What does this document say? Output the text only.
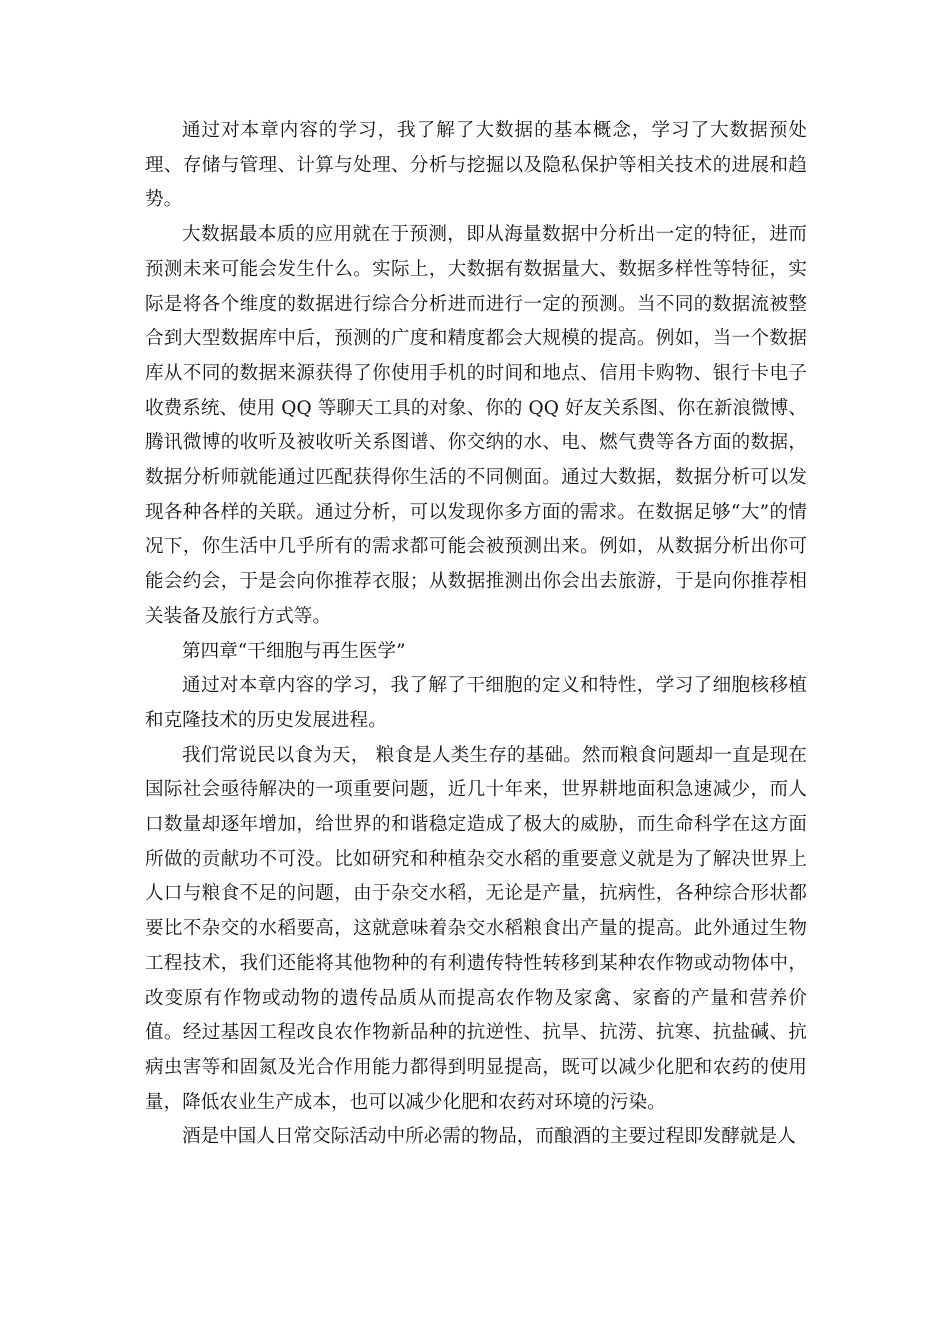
通过对本章内容的学习，我了解了大数据的基本概念，学习了大数据预处理、存储与管理、计算与处理、分析与挖掘以及隐私保护等相关技术的进展和趋势。

大数据最本质的应用就在于预测，即从海量数据中分析出一定的特征，进而预测未来可能会发生什么。实际上，大数据有数据量大、数据多样性等特征，实际是将各个维度的数据进行综合分析进而进行一定的预测。当不同的数据流被整合到大型数据库中后，预测的广度和精度都会大规模的提高。例如，当一个数据库从不同的数据来源获得了你使用手机的时间和地点、信用卡购物、银行卡电子收费系统、使用 QQ 等聊天工具的对象、你的 QQ 好友关系图、你在新浪微博、腾讯微博的收听及被收听关系图谱、你交纳的水、电、燃气费等各方面的数据，数据分析师就能通过匹配获得你生活的不同侧面。通过大数据，数据分析可以发现各种各样的关联。通过分析，可以发现你多方面的需求。在数据足够“大”的情况下，你生活中几乎所有的需求都可能会被预测出来。例如，从数据分析出你可能会约会，于是会向你推荐衣服；从数据推测出你会出去旅游，于是向你推荐相关装备及旅行方式等。

第四章“干细胞与再生医学”

通过对本章内容的学习，我了解了干细胞的定义和特性，学习了细胞核移植和克隆技术的历史发展进程。

我们常说民以食为天， 粮食是人类生存的基础。然而粮食问题却一直是现在国际社会亟待解决的一项重要问题，近几十年来，世界耕地面积急速减少，而人口数量却逐年增加，给世界的和谐稳定造成了极大的威胁，而生命科学在这方面所做的贡献功不可没。比如研究和种植杂交水稻的重要意义就是为了解决世界上人口与粮食不足的问题，由于杂交水稻，无论是产量，抗病性，各种综合形状都要比不杂交的水稻要高，这就意味着杂交水稻粮食出产量的提高。此外通过生物工程技术，我们还能将其他物种的有利遗传特性转移到某种农作物或动物体中，改变原有作物或动物的遗传品质从而提高农作物及家禽、家畜的产量和营养价值。经过基因工程改良农作物新品种的抗逆性、抗旱、抗涝、抗寒、抗盐碱、抗病虫害等和固氮及光合作用能力都得到明显提高，既可以减少化肥和农药的使用量，降低农业生产成本，也可以减少化肥和农药对环境的污染。

酒是中国人日常交际活动中所必需的物品，而酿酒的主要过程即发酵就是人
